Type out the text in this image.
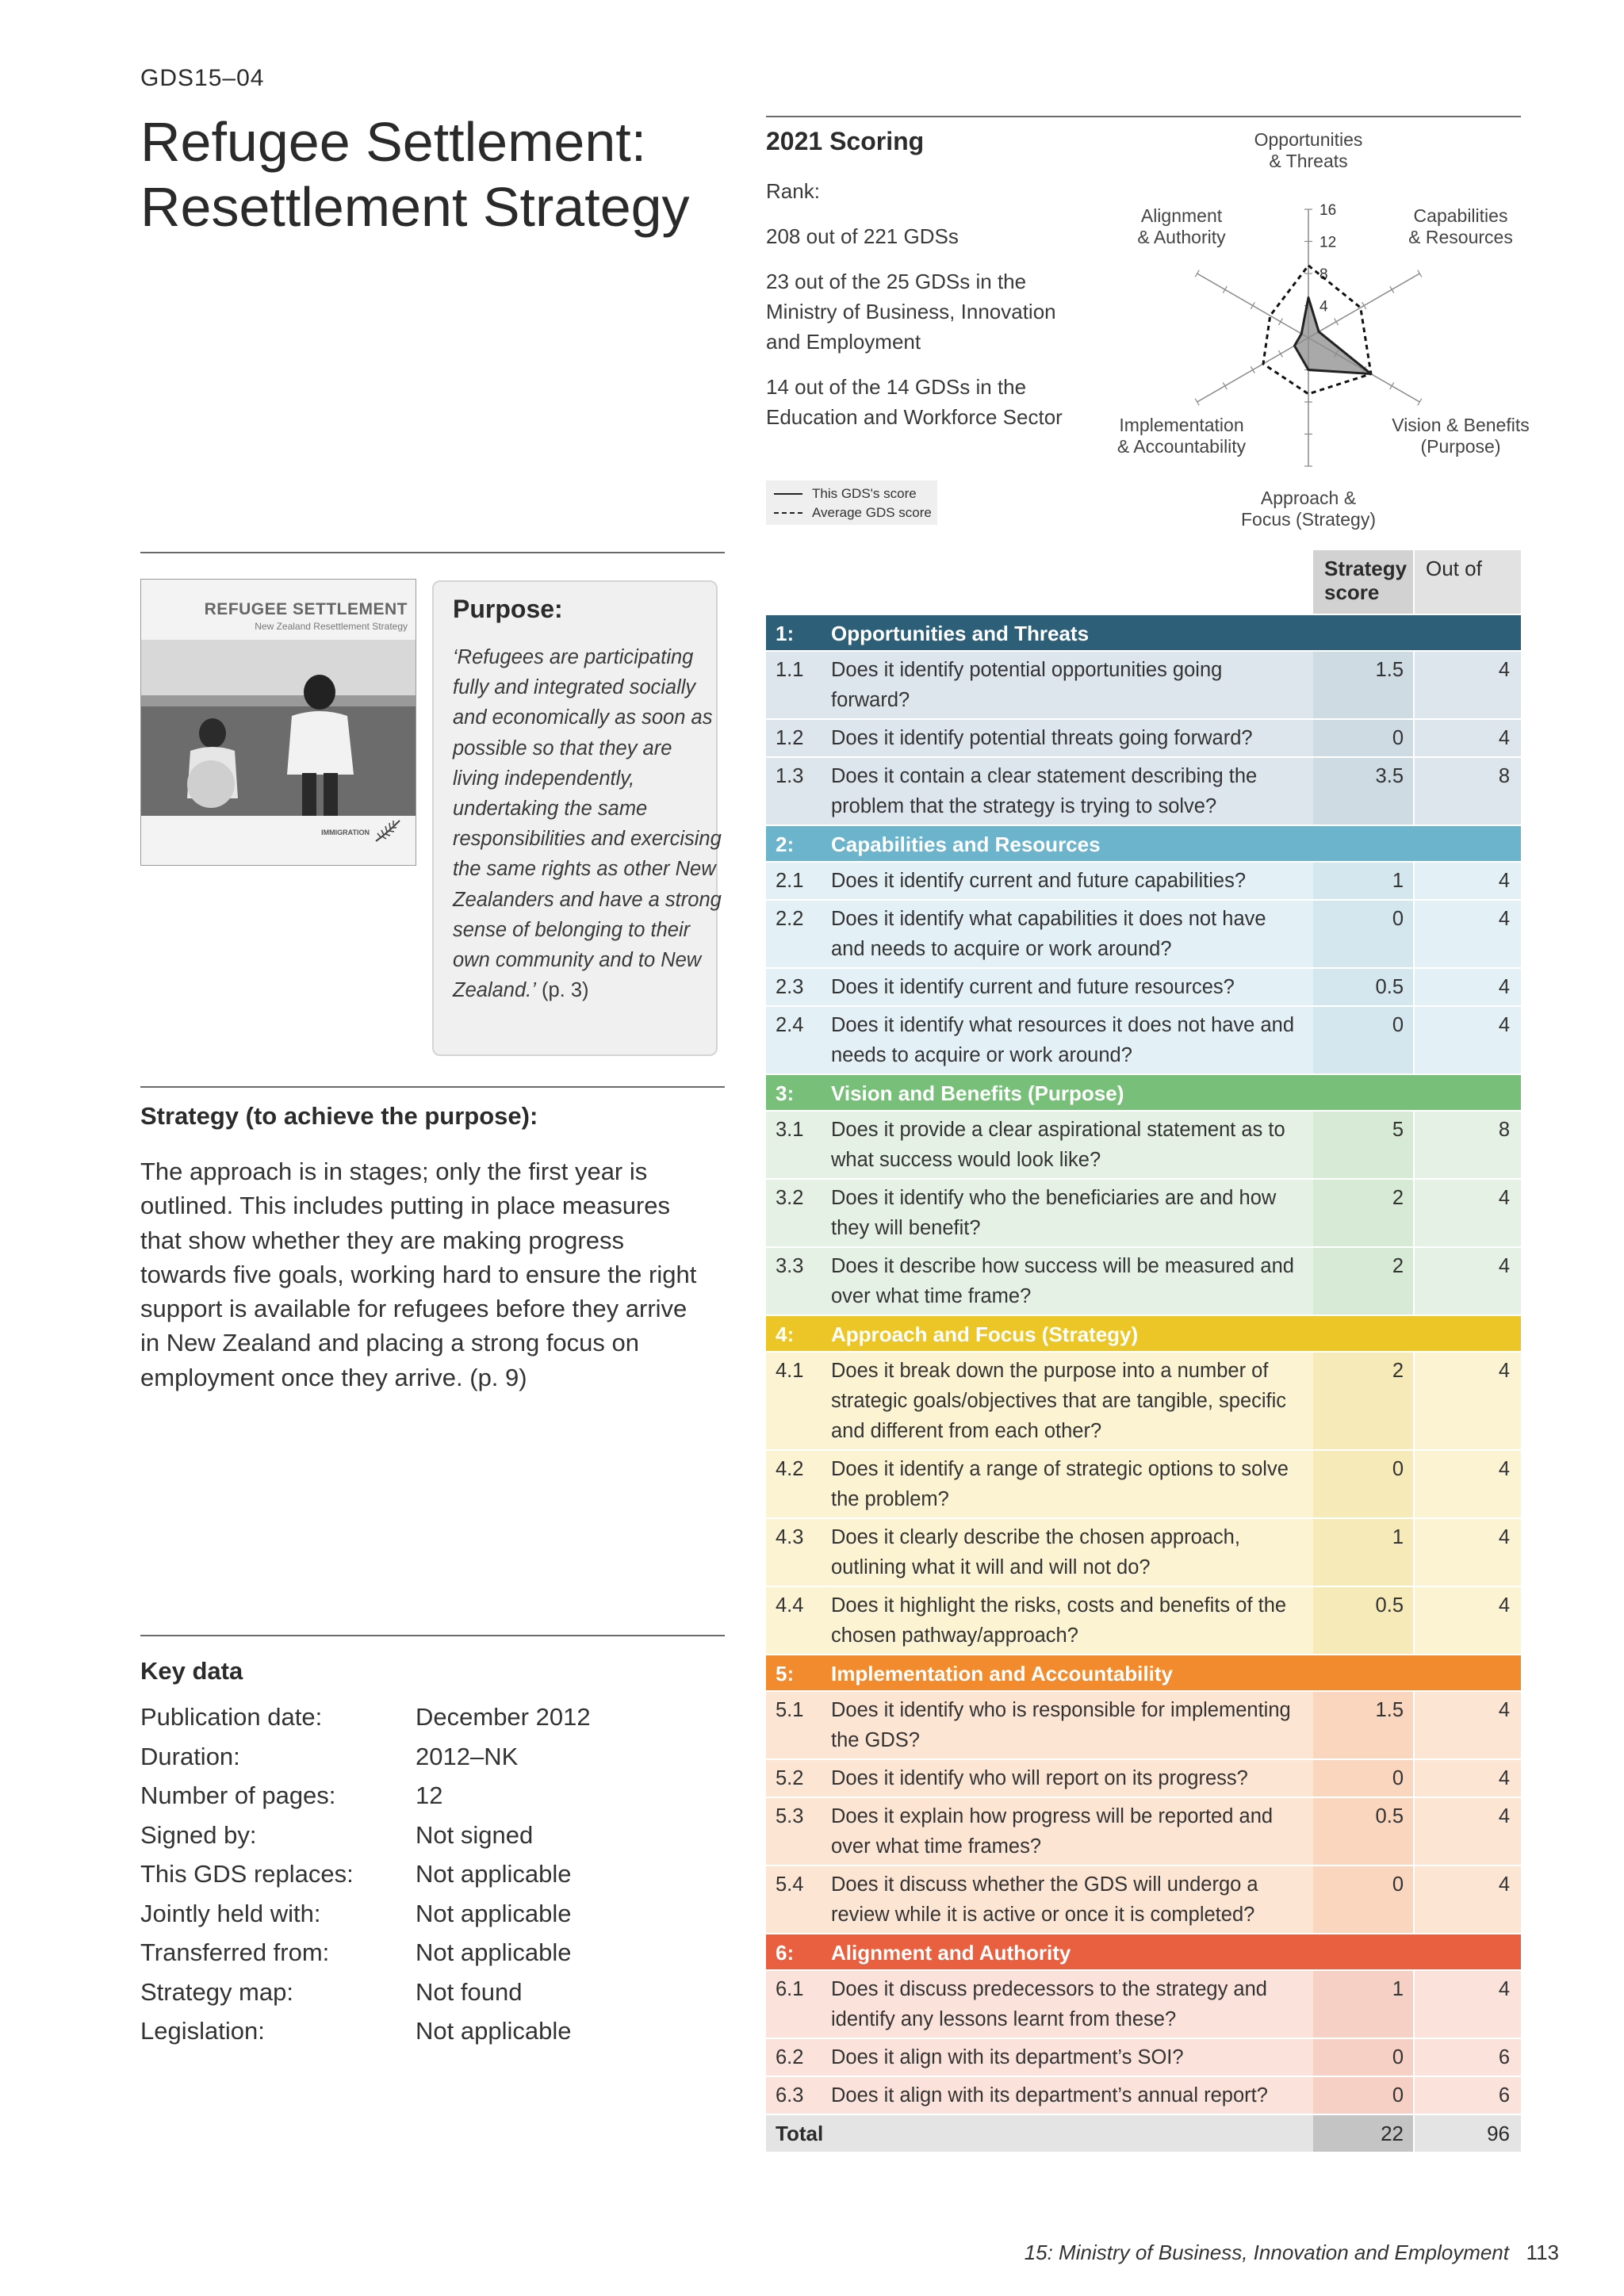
GDS15–04
Refugee Settlement: Resettlement Strategy
2021 Scoring

Rank:

208 out of 221 GDSs

23 out of the 25 GDSs in the Ministry of Business, Innovation and Employment

14 out of the 14 GDSs in the Education and Workforce Sector

This GDS's score
Average GDS score
4
8
12
16
Opportunities & Threats
Capabilities & Resources
Vision & Benefits (Purpose)
Approach & Focus (Strategy)
Implementation & Accountability
Alignment & Authority
REFUGEE SETTLEMENT
New Zealand Resettlement Strategy
IMMIGRATION
Purpose:
‘Refugees are participating fully and integrated socially and economically as soon as possible so that they are living independently, undertaking the same responsibilities and exercising the same rights as other New Zealanders and have a strong sense of belonging to their own community and to New Zealand.’ (p. 3)
Strategy (to achieve the purpose):
The approach is in stages; only the first year is outlined. This includes putting in place measures that show whether they are making progress towards five goals, working hard to ensure the right support is available for refugees before they arrive in New Zealand and placing a strong focus on employment once they arrive. (p. 9)
Key data
Publication date:	December 2012
Duration:	2012–NK
Number of pages:	12
Signed by:	Not signed
This GDS replaces:	Not applicable
Jointly held with:	Not applicable
Transferred from:	Not applicable
Strategy map:	Not found
Legislation:	Not applicable
Strategy score
Out of
1: Opportunities and Threats
1.1 Does it identify potential opportunities going forward?
1.5	4
1.2 Does it identify potential threats going forward?	0	4
1.3 Does it contain a clear statement describing the problem that the strategy is trying to solve?
3.5	8
2: Capabilities and Resources
2.1 Does it identify current and future capabilities?	1	4
2.2 Does it identify what capabilities it does not have and needs to acquire or work around?
0	4
2.3 Does it identify current and future resources?	0.5	4
2.4 Does it identify what resources it does not have and needs to acquire or work around?
0	4
3: Vision and Benefits (Purpose)
3.1 Does it provide a clear aspirational statement as to what success would look like?
5	8
3.2 Does it identify who the beneficiaries are and how they will benefit?
2	4
3.3 Does it describe how success will be measured and over what time frame?
2	4
4: Approach and Focus (Strategy)
4.1 Does it break down the purpose into a number of strategic goals/objectives that are tangible, specific and different from each other?
2	4
4.2 Does it identify a range of strategic options to solve the problem?
0	4
4.3 Does it clearly describe the chosen approach, outlining what it will and will not do?
1	4
4.4 Does it highlight the risks, costs and benefits of the chosen pathway/approach?
0.5	4
5: Implementation and Accountability
5.1 Does it identify who is responsible for implementing the GDS?
1.5	4
5.2 Does it identify who will report on its progress?	0	4
5.3 Does it explain how progress will be reported and over what time frames?
0.5	4
5.4 Does it discuss whether the GDS will undergo a review while it is active or once it is completed?
0	4
6: Alignment and Authority
6.1 Does it discuss predecessors to the strategy and identify any lessons learnt from these?
1	4
6.2 Does it align with its department’s SOI?	0	6
6.3 Does it align with its department’s annual report?	0	6
Total	22	96
15: Ministry of Business, Innovation and Employment 113
